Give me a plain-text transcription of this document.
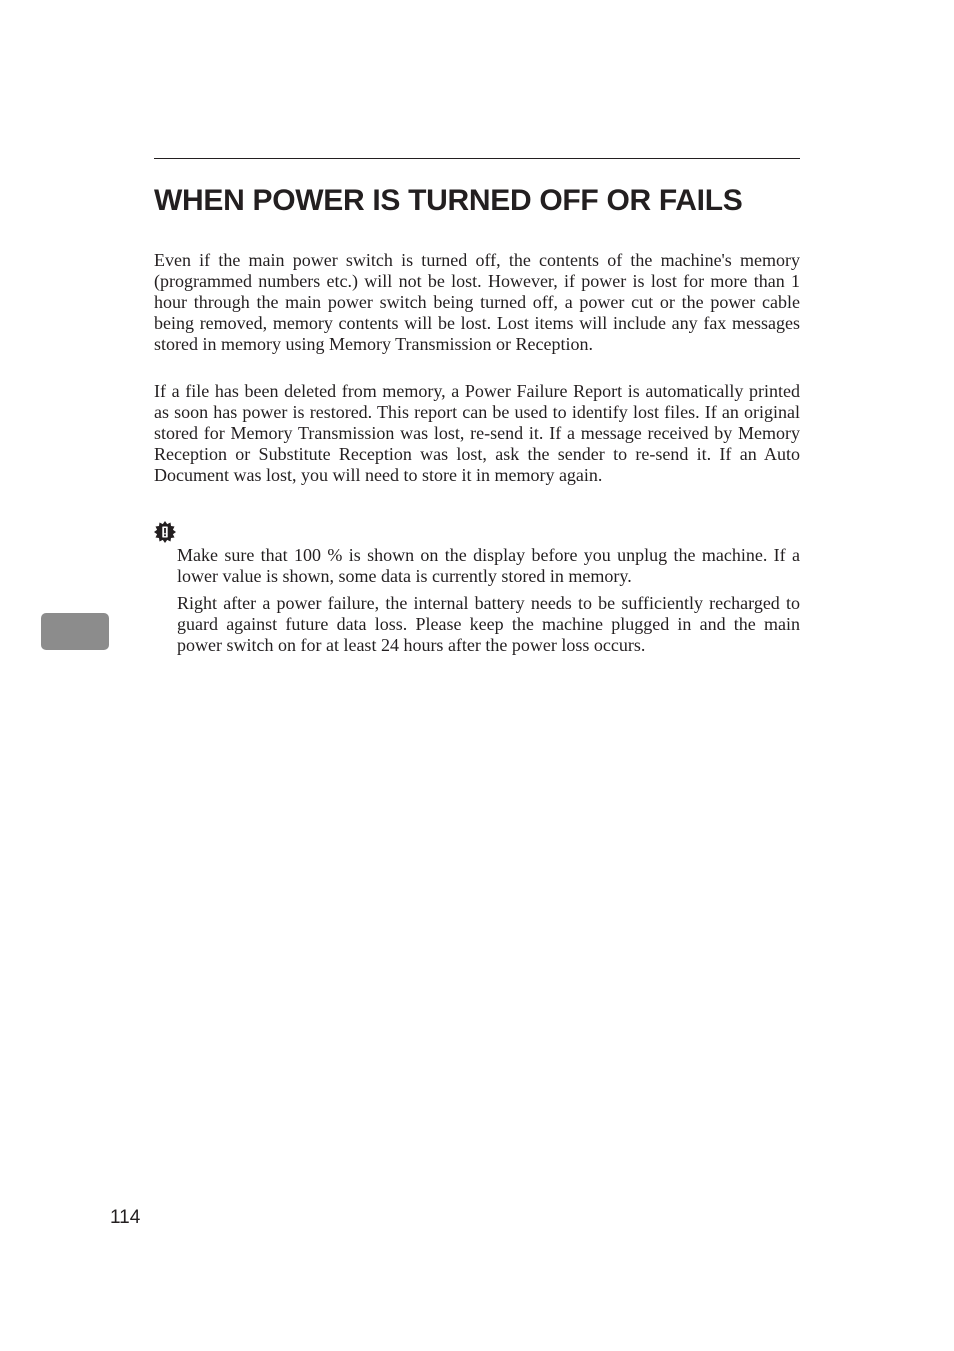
WHEN POWER IS TURNED OFF OR FAILS

Even if the main power switch is turned off, the contents of the machine's memory (programmed numbers etc.) will not be lost. However, if power is lost for more than 1 hour through the main power switch being turned off, a power cut or the power cable being removed, memory contents will be lost. Lost items will include any fax messages stored in memory using Memory Transmission or Reception.

If a file has been deleted from memory, a Power Failure Report is automatically printed as soon has power is restored. This report can be used to identify lost files. If an original stored for Memory Transmission was lost, re-send it. If a message received by Memory Reception or Substitute Reception was lost, ask the sender to re-send it. If an Auto Document was lost, you will need to store it in memory again.

Make sure that 100 % is shown on the display before you unplug the machine. If a lower value is shown, some data is currently stored in memory.

Right after a power failure, the internal battery needs to be sufficiently recharged to guard against future data loss. Please keep the machine plugged in and the main power switch on for at least 24 hours after the power loss occurs.

114
